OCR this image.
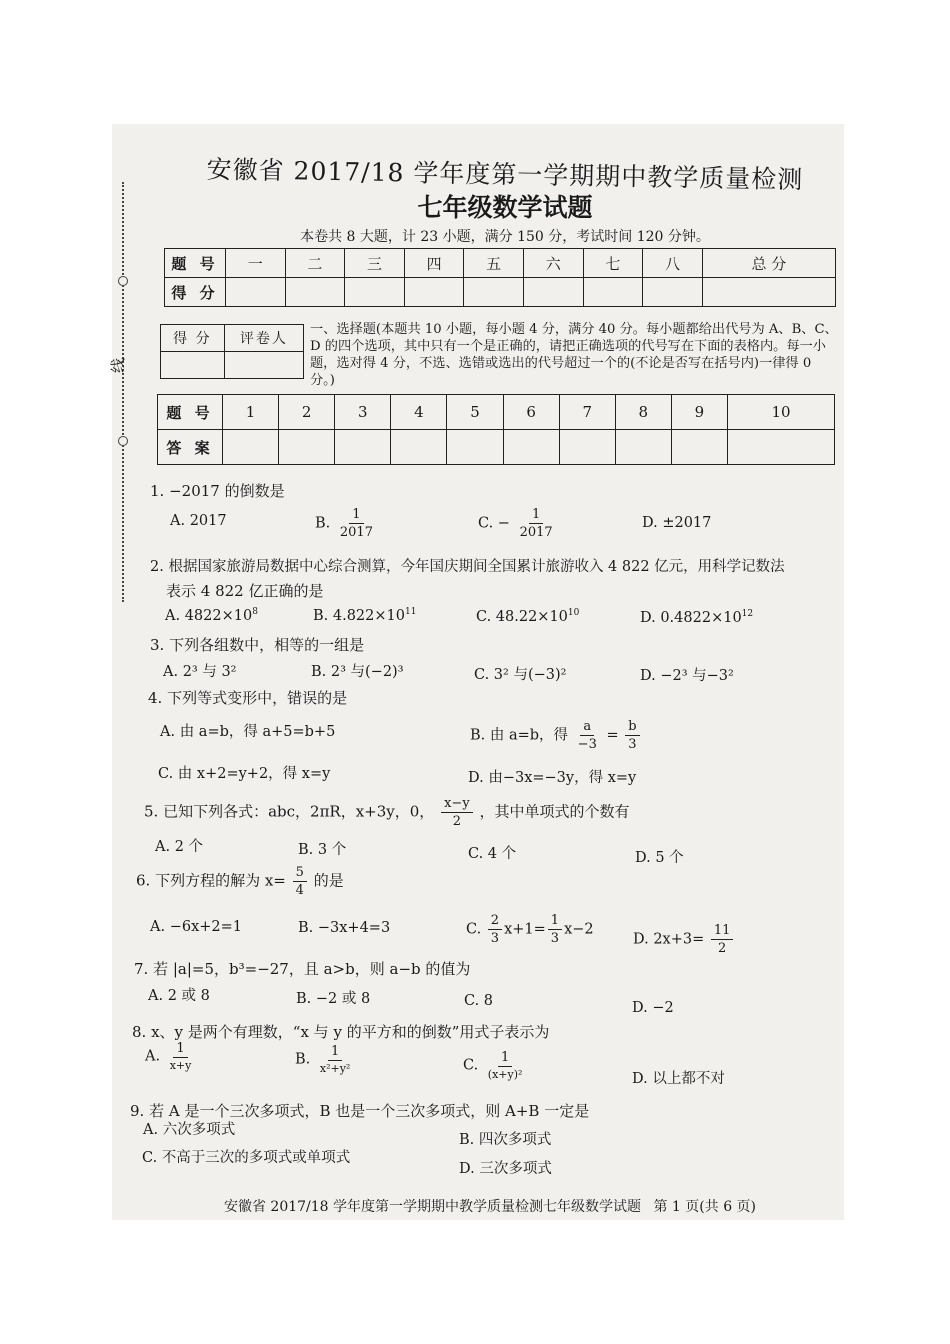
线
安徽省 2017/18 学年度第一学期期中教学质量检测
七年级数学试题
本卷共 8 大题，计 23 小题，满分 150 分，考试时间 120 分钟。
题 号	一	二	三	四	五	六	七	八	总 分
得 分									
得 分	评卷人

一、选择题(本题共 10 小题，每小题 4 分，满分 40 分。每小题都给出代号为 A、B、C、D 的四个选项，其中只有一个是正确的，请把正确选项的代号写在下面的表格内。每一小题，选对得 4 分，不选、选错或选出的代号超过一个的(不论是否写在括号内)一律得 0 分。)
题 号	1	2	3	4	5	6	7	8	9	10
答 案										
1. −2017 的倒数是
A. 2017	B. $\frac{1}{2017}$	C. − $\frac{1}{2017}$	D. ±2017
2. 根据国家旅游局数据中心综合测算，今年国庆期间全国累计旅游收入 4 822 亿元，用科学记数法
表示 4 822 亿正确的是
A. $4822\times 10^8$	B. $4.822\times 10^{11}$	C. $48.22\times 10^{10}$	D. $0.4822\times 10^{12}$
3. 下列各组数中，相等的一组是
A. 2³ 与 3²	B. 2³ 与(−2)³	C. 3² 与(−3)²	D. −2³ 与−3²
4. 下列等式变形中，错误的是
A. 由 a=b，得 a+5=b+5	B. 由 a=b，得 $\frac{a}{-3} = \frac{b}{3}$
C. 由 x+2=y+2，得 x=y	D. 由−3x=−3y，得 x=y
5. 已知下列各式：abc，2πR，x+3y，0， $\frac{x-y}{2}$ ，其中单项式的个数有
A. 2 个	B. 3 个	C. 4 个	D. 5 个
6. 下列方程的解为 $x= \frac{5}{4}$ 的是
A. −6x+2=1	B. −3x+4=3	C. $\frac{2}{3} x+1= \frac{1}{3} x-2$
D. $2x+3= \frac{11}{2}$
7. 若 |a|=5，b³=−27，且 a>b，则 a−b 的值为
A. 2 或 8	B. −2 或 8	C. 8	D. −2
8. x、y 是两个有理数，“x 与 y 的平方和的倒数”用式子表示为
A. $\frac{1}{x+y}$	B. $\frac{1}{\text{x²+y²}}$	C. $\frac{1}{\text{(x+y)²}}$	D. 以上都不对
9. 若 A 是一个三次多项式，B 也是一个三次多项式，则 A+B 一定是
A. 六次多项式
B. 四次多项式
C. 不高于三次的多项式或单项式
D. 三次多项式
安徽省 2017/18 学年度第一学期期中教学质量检测七年级数学试题 第 1 页(共 6 页)
